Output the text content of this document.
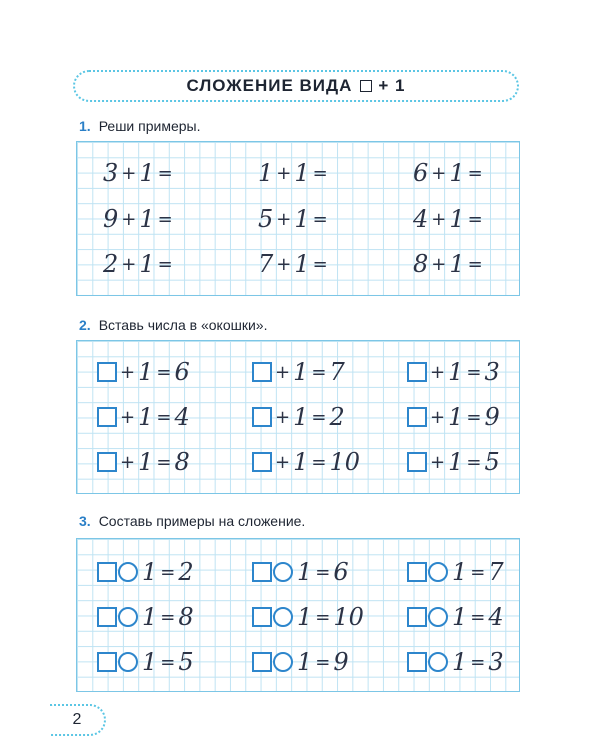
СЛОЖЕНИЕ ВИДА + 1
1. Реши примеры.
3 + 1 =	1 + 1 =	6 + 1 =
9 + 1 =	5 + 1 =	4 + 1 =
2 + 1 =	7 + 1 =	8 + 1 =
2. Вставь числа в «окошки».
+ 1 = 6	+ 1 = 7	+ 1 = 3
+ 1 = 4	+ 1 = 2	+ 1 = 9
+ 1 = 8	+ 1 = 10	+ 1 = 5
3. Составь примеры на сложение.
1 = 2	1 = 6	1 = 7
1 = 8	1 = 10	1 = 4
1 = 5	1 = 9	1 = 3
2
